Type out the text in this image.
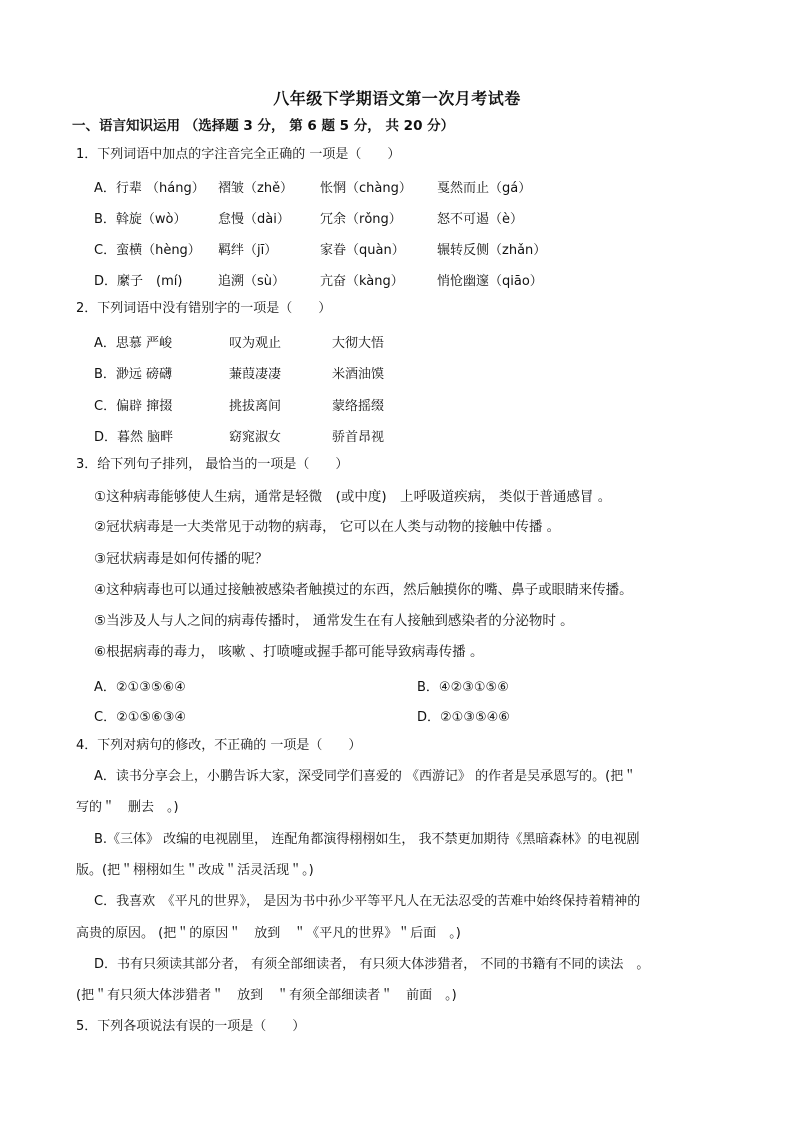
八年级下学期语文第一次月考试卷
一、语言知识运用 （选择题 3 分， 第 6 题 5 分， 共 20 分）
1．下列词语中加点的字注音完全正确的 一项是（　　）
A．行辈 （háng） 褶皱（zhě） 怅惘（chàng） 戛然而止（gá）
B．斡旋（wò） 怠慢（dài） 冗余（rǒng）	怒不可遏（è）
C．蛮横（hèng） 羁绊（jī）	家眷（quàn） 辗转反侧（zhǎn）
D．縻子　(mí)	追溯（sù）	亢奋（kàng）	悄怆幽邃（qiāo）
2．下列词语中没有错别字的一项是（　　）
A．思慕 严峻	叹为观止	大彻大悟
B．渺远 磅礴	蒹葭凄凄	米酒油馍
C．偏辟 撺掇	挑拔离间	蒙络摇缀
D．暮然 脑畔	窈窕淑女	骄首昂视
3．给下列句子排列， 最恰当的一项是（　　）
①这种病毒能够使人生病，通常是轻微　(或中度)　上呼吸道疾病， 类似于普通感冒 。
②冠状病毒是一大类常见于动物的病毒， 它可以在人类与动物的接触中传播 。
③冠状病毒是如何传播的呢？
④这种病毒也可以通过接触被感染者触摸过的东西，然后触摸你的嘴、鼻子或眼睛来传播。
⑤当涉及人与人之间的病毒传播时， 通常发生在有人接触到感染者的分泌物时 。
⑥根据病毒的毒力， 咳嗽 、打喷嚏或握手都可能导致病毒传播 。
A．②①③⑤⑥④	B．④②③①⑤⑥
C．②①⑤⑥③④	D．②①③⑤④⑥
4．下列对病句的修改，不正确的 一项是（　　）
A．读书分享会上，小鹏告诉大家，深受同学们喜爱的 《西游记》 的作者是吴承恩写的。(把＂
写的＂　删去　。)
B.《三体》 改编的电视剧里， 连配角都演得栩栩如生， 我不禁更加期待《黑暗森林》的电视剧
版。(把＂栩栩如生＂改成＂活灵活现＂。)
C．我喜欢　《平凡的世界》， 是因为书中孙少平等平凡人在无法忍受的苦难中始终保持着精神的
高贵的原因。 (把＂的原因＂　放到　＂《平凡的世界》＂后面　。)
D．书有只须读其部分者， 有须全部细读者， 有只须大体涉猎者， 不同的书籍有不同的读法　。
(把＂有只须大体涉猎者＂　放到　＂有须全部细读者＂　前面　。)
5．下列各项说法有误的一项是（　　）
